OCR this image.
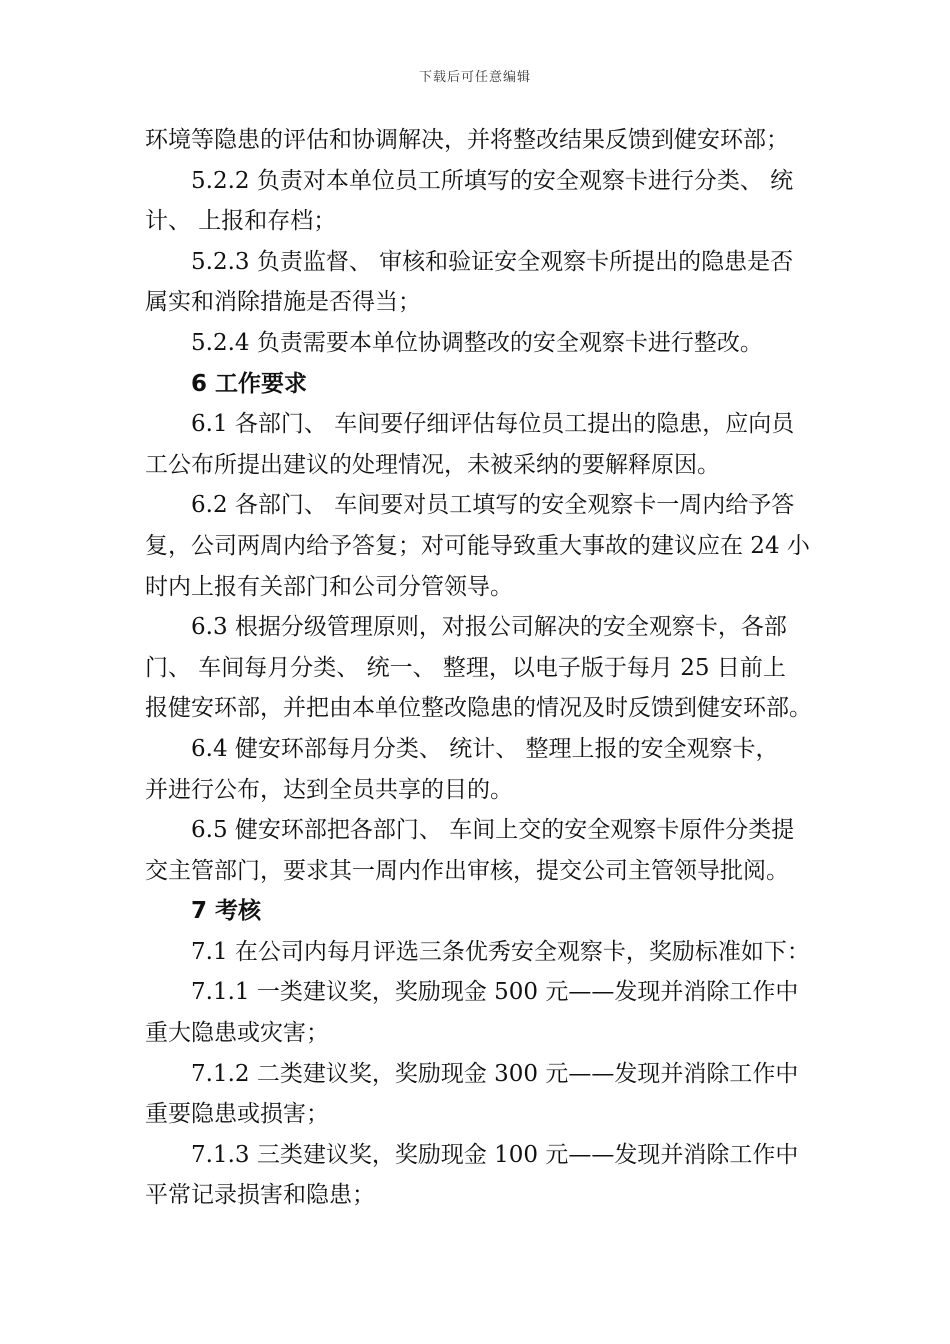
下载后可任意编辑
环境等隐患的评估和协调解决，并将整改结果反馈到健安环部；
5.2.2 负责对本单位员工所填写的安全观察卡进行分类、 统
计、 上报和存档；
5.2.3 负责监督、 审核和验证安全观察卡所提出的隐患是否
属实和消除措施是否得当；
5.2.4 负责需要本单位协调整改的安全观察卡进行整改。
6 工作要求
6.1 各部门、 车间要仔细评估每位员工提出的隐患，应向员
工公布所提出建议的处理情况，未被采纳的要解释原因。
6.2 各部门、 车间要对员工填写的安全观察卡一周内给予答
复，公司两周内给予答复；对可能导致重大事故的建议应在 24 小
时内上报有关部门和公司分管领导。
6.3 根据分级管理原则，对报公司解决的安全观察卡，各部
门、 车间每月分类、 统一、 整理，以电子版于每月 25 日前上
报健安环部，并把由本单位整改隐患的情况及时反馈到健安环部。
6.4 健安环部每月分类、 统计、 整理上报的安全观察卡，
并进行公布，达到全员共享的目的。
6.5 健安环部把各部门、 车间上交的安全观察卡原件分类提
交主管部门，要求其一周内作出审核，提交公司主管领导批阅。
7 考核
7.1 在公司内每月评选三条优秀安全观察卡，奖励标准如下：
7.1.1 一类建议奖，奖励现金 500 元——发现并消除工作中
重大隐患或灾害；
7.1.2 二类建议奖，奖励现金 300 元——发现并消除工作中
重要隐患或损害；
7.1.3 三类建议奖，奖励现金 100 元——发现并消除工作中
平常记录损害和隐患；
